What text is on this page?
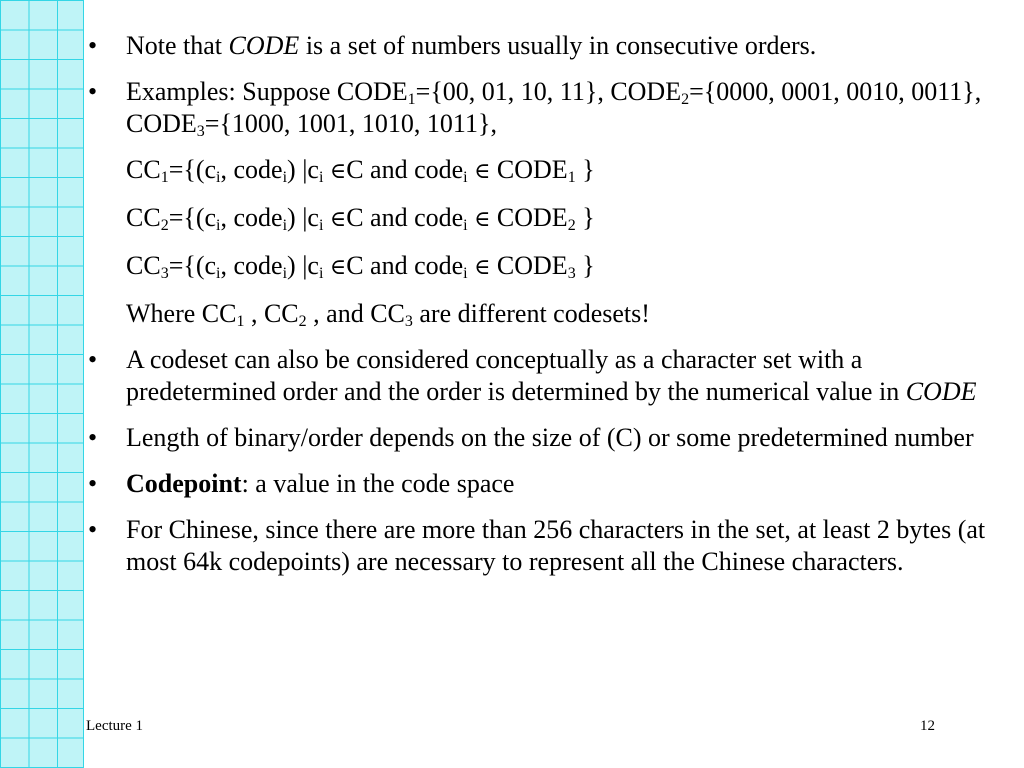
• Note that CODE is a set of numbers usually in consecutive orders.
• Examples: Suppose $CODE_1=\{00$, 01, 10, 11}, $CODE_2=\{0000$, 0001, 0010, 0011}, $CODE_3=\{1000$, 1001, 1010, 1011},
$CC_1=\{(c_i$, code$_i$) $|c_i$ ∈C and code$_i$ ∈ $CODE_1$ }
$CC_2=\{(c_i$, code$_i$) $|c_i$ ∈C and code$_i$ ∈ $CODE_2$ }
$CC_3=\{(c_i$, code$_i$) $|c_i$ ∈C and code$_i$ ∈ $CODE_3$ }
Where $CC_1$ , $CC_2$ , and $CC_3$ are different codesets!
• A codeset can also be considered conceptually as a character set with a predetermined order and the order is determined by the numerical value in CODE
• Length of binary/order depends on the size of (C) or some predetermined number
• Codepoint: a value in the code space
• For Chinese, since there are more than 256 characters in the set, at least 2 bytes (at most 64k codepoints) are necessary to represent all the Chinese characters.
Lecture 1	12
